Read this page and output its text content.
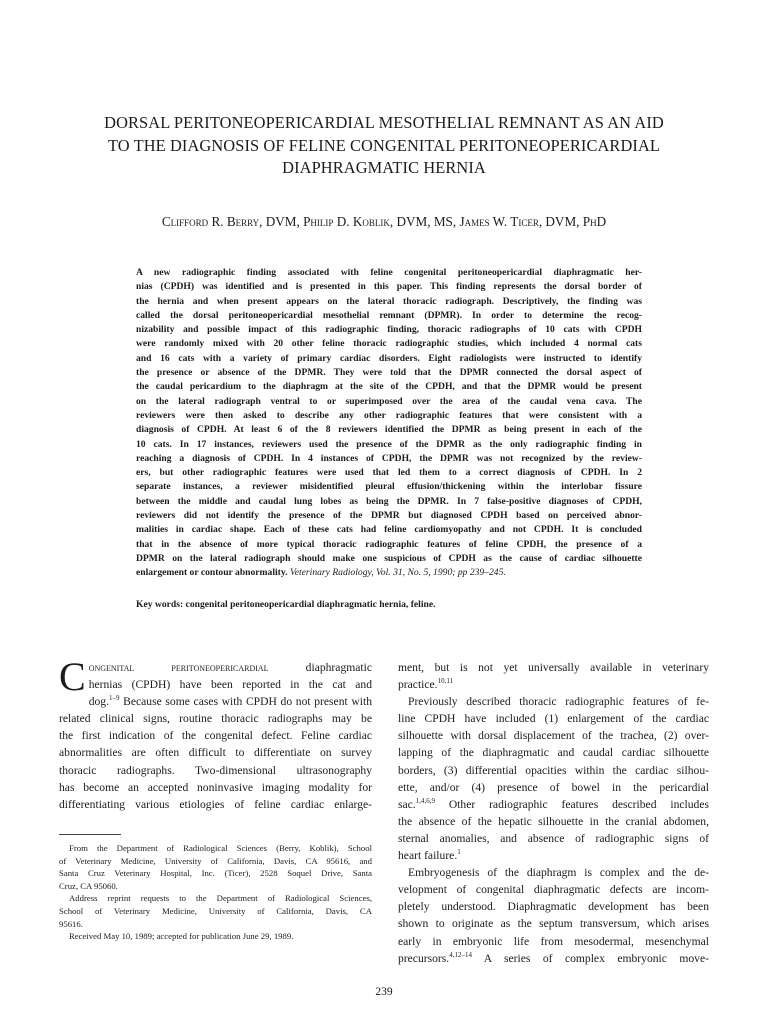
DORSAL PERITONEOPERICARDIAL MESOTHELIAL REMNANT AS AN AID
TO THE DIAGNOSIS OF FELINE CONGENITAL PERITONEOPERICARDIAL
DIAPHRAGMATIC HERNIA
Clifford R. Berry, DVM, Philip D. Koblik, DVM, MS, James W. Ticer, DVM, PhD
A new radiographic finding associated with feline congenital peritoneopericardial diaphragmatic her-
nias (CPDH) was identified and is presented in this paper. This finding represents the dorsal border of
the hernia and when present appears on the lateral thoracic radiograph. Descriptively, the finding was
called the dorsal peritoneopericardial mesothelial remnant (DPMR). In order to determine the recog-
nizability and possible impact of this radiographic finding, thoracic radiographs of 10 cats with CPDH
were randomly mixed with 20 other feline thoracic radiographic studies, which included 4 normal cats
and 16 cats with a variety of primary cardiac disorders. Eight radiologists were instructed to identify
the presence or absence of the DPMR. They were told that the DPMR connected the dorsal aspect of
the caudal pericardium to the diaphragm at the site of the CPDH, and that the DPMR would be present
on the lateral radiograph ventral to or superimposed over the area of the caudal vena cava. The
reviewers were then asked to describe any other radiographic features that were consistent with a
diagnosis of CPDH. At least 6 of the 8 reviewers identified the DPMR as being present in each of the
10 cats. In 17 instances, reviewers used the presence of the DPMR as the only radiographic finding in
reaching a diagnosis of CPDH. In 4 instances of CPDH, the DPMR was not recognized by the review-
ers, but other radiographic features were used that led them to a correct diagnosis of CPDH. In 2
separate instances, a reviewer misidentified pleural effusion/thickening within the interlobar fissure
between the middle and caudal lung lobes as being the DPMR. In 7 false-positive diagnoses of CPDH,
reviewers did not identify the presence of the DPMR but diagnosed CPDH based on perceived abnor-
malities in cardiac shape. Each of these cats had feline cardiomyopathy and not CPDH. It is concluded
that in the absence of more typical thoracic radiographic features of feline CPDH, the presence of a
DPMR on the lateral radiograph should make one suspicious of CPDH as the cause of cardiac silhouette
enlargement or contour abnormality. Veterinary Radiology, Vol. 31, No. 5, 1990; pp 239–245.
Key words: congenital peritoneopericardial diaphragmatic hernia, feline.
C ongenital peritoneopericardial diaphragmatic
hernias (CPDH) have been reported in the cat and
dog.$^{1-9}$ Because some cases with CPDH do not present with
related clinical signs, routine thoracic radiographs may be
the first indication of the congenital defect. Feline cardiac
abnormalities are often difficult to differentiate on survey
thoracic radiographs. Two-dimensional ultrasonography
has become an accepted noninvasive imaging modality for
differentiating various etiologies of feline cardiac enlarge-
From the Department of Radiological Sciences (Berry, Koblik), School
of Veterinary Medicine, University of California, Davis, CA 95616, and
Santa Cruz Veterinary Hospital, Inc. (Ticer), 2528 Soquel Drive, Santa
Cruz, CA 95060.
Address reprint requests to the Department of Radiological Sciences,
School of Veterinary Medicine, University of California, Davis, CA
95616.
Received May 10, 1989; accepted for publication June 29, 1989.
ment, but is not yet universally available in veterinary
practice.$^{10,11}$
Previously described thoracic radiographic features of fe-
line CPDH have included (1) enlargement of the cardiac
silhouette with dorsal displacement of the trachea, (2) over-
lapping of the diaphragmatic and caudal cardiac silhouette
borders, (3) differential opacities within the cardiac silhou-
ette, and/or (4) presence of bowel in the pericardial
sac.$^{1,4,6,9}$ Other radiographic features described includes
the absence of the hepatic silhouette in the cranial abdomen,
sternal anomalies, and absence of radiographic signs of
heart failure.$^1$
Embryogenesis of the diaphragm is complex and the de-
velopment of congenital diaphragmatic defects are incom-
pletely understood. Diaphragmatic development has been
shown to originate as the septum transversum, which arises
early in embryonic life from mesodermal, mesenchymal
precursors.$^{4,12-14}$ A series of complex embryonic move-
239
